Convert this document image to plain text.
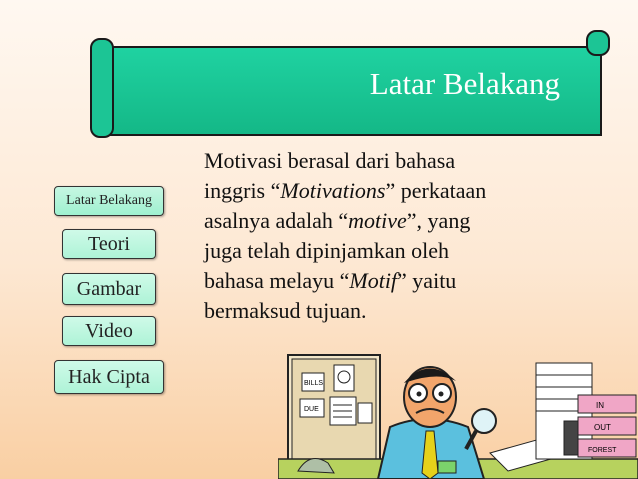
Latar Belakang
Latar Belakang
Teori
Gambar
Video
Hak Cipta
Motivasi berasal dari bahasa
inggris “Motivations” perkataan
asalnya adalah “motive”, yang
juga telah dipinjamkan oleh
bahasa melayu “Motif” yaitu
bermaksud tujuan.
BILLS
DUE	IN
OUT
FOREST
